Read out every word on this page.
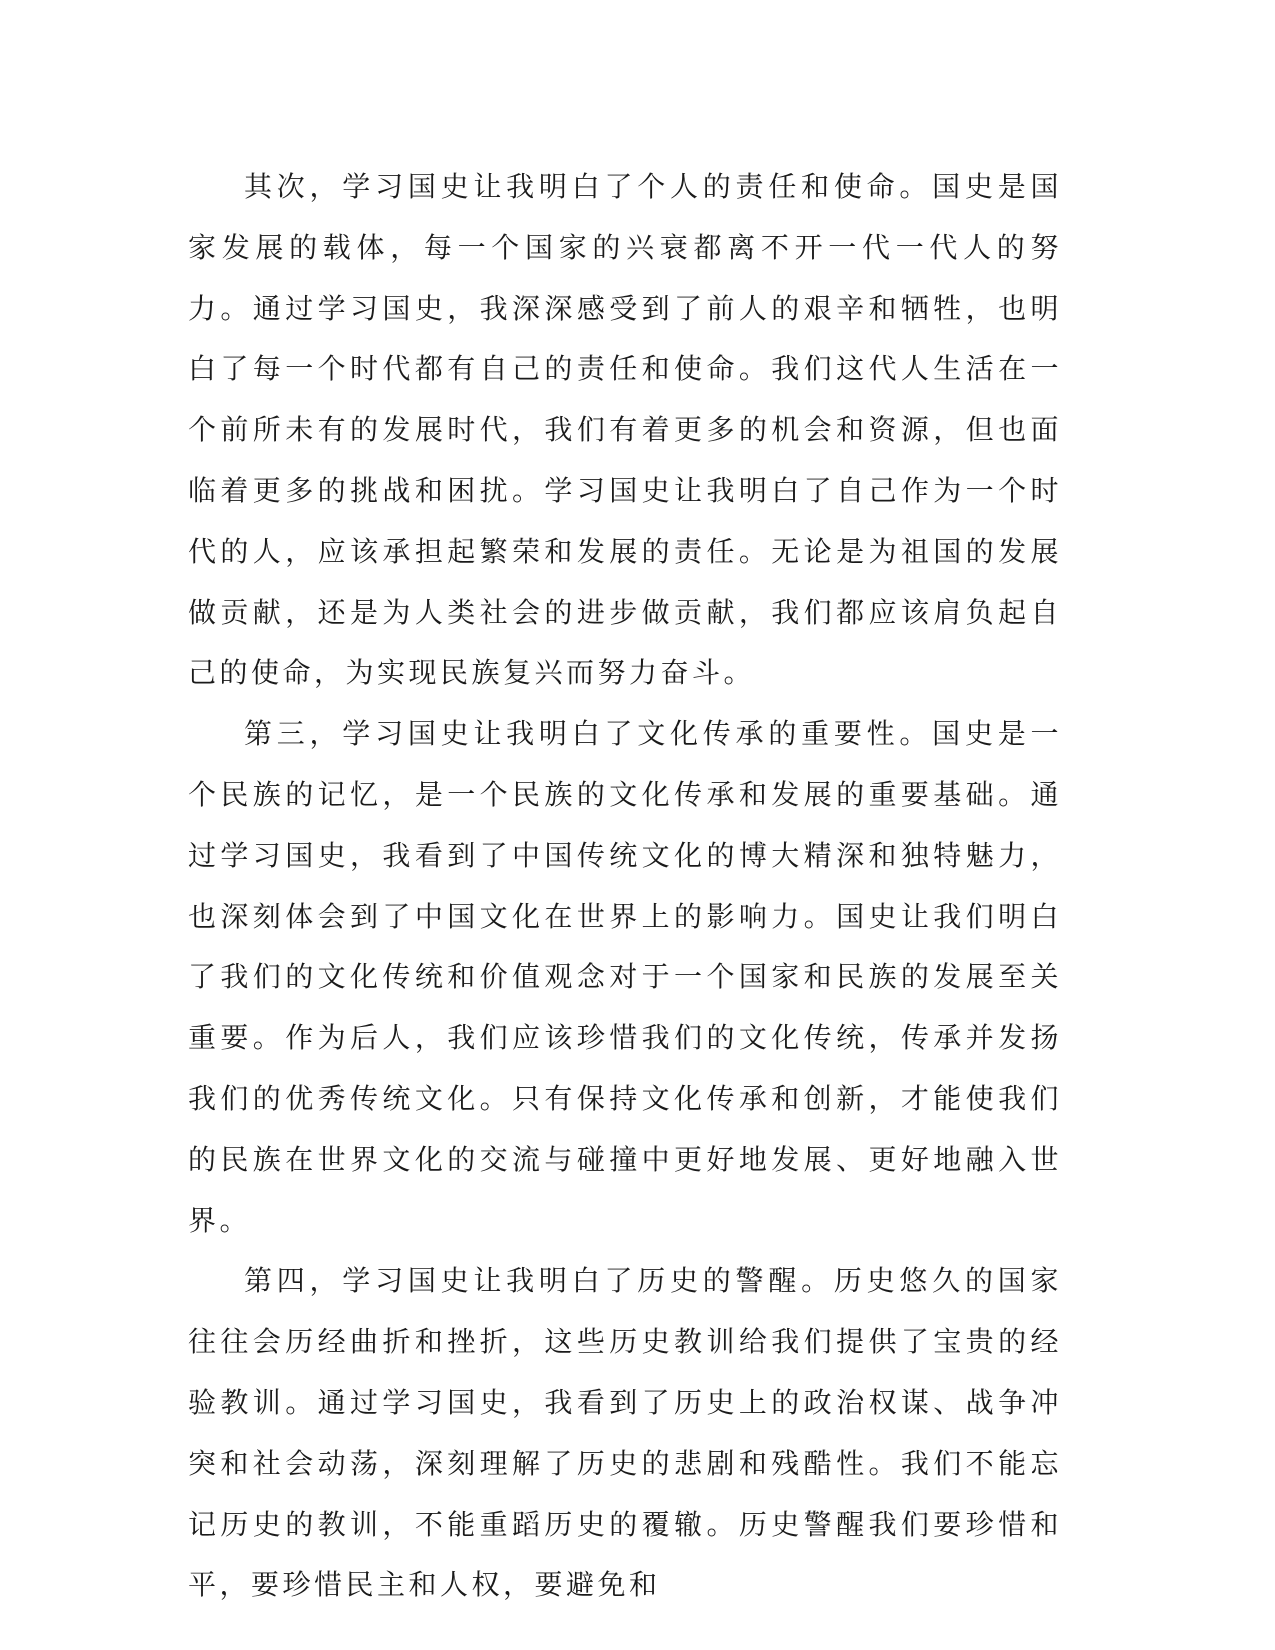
其次，学习国史让我明白了个人的责任和使命。国史是国家发展的载体，每一个国家的兴衰都离不开一代一代人的努力。通过学习国史，我深深感受到了前人的艰辛和牺牲，也明白了每一个时代都有自己的责任和使命。我们这代人生活在一个前所未有的发展时代，我们有着更多的机会和资源，但也面临着更多的挑战和困扰。学习国史让我明白了自己作为一个时代的人，应该承担起繁荣和发展的责任。无论是为祖国的发展做贡献，还是为人类社会的进步做贡献，我们都应该肩负起自己的使命，为实现民族复兴而努力奋斗。

第三，学习国史让我明白了文化传承的重要性。国史是一个民族的记忆，是一个民族的文化传承和发展的重要基础。通过学习国史，我看到了中国传统文化的博大精深和独特魅力，也深刻体会到了中国文化在世界上的影响力。国史让我们明白了我们的文化传统和价值观念对于一个国家和民族的发展至关重要。作为后人，我们应该珍惜我们的文化传统，传承并发扬我们的优秀传统文化。只有保持文化传承和创新，才能使我们的民族在世界文化的交流与碰撞中更好地发展、更好地融入世界。

第四，学习国史让我明白了历史的警醒。历史悠久的国家往往会历经曲折和挫折，这些历史教训给我们提供了宝贵的经验教训。通过学习国史，我看到了历史上的政治权谋、战争冲突和社会动荡，深刻理解了历史的悲剧和残酷性。我们不能忘记历史的教训，不能重蹈历史的覆辙。历史警醒我们要珍惜和平，要珍惜民主和人权，要避免和
